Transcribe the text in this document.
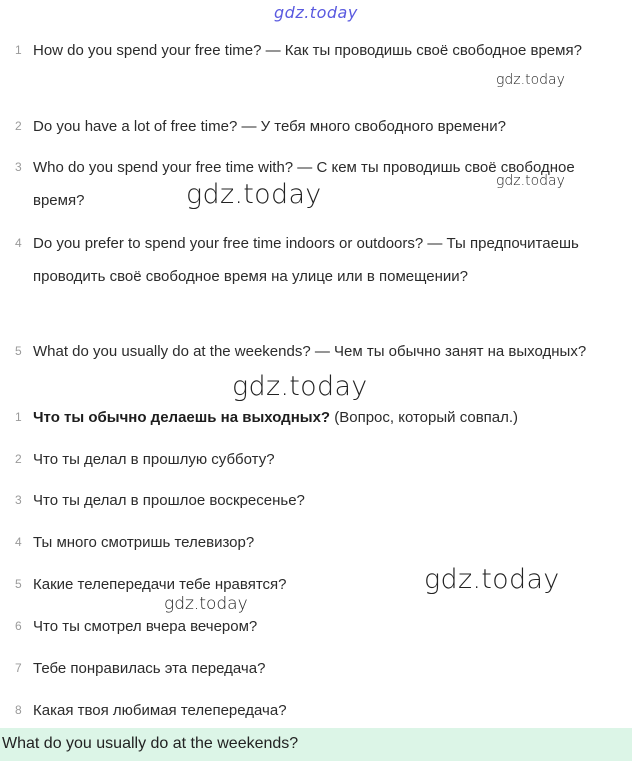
gdz.today
gdz.today
gdz.today
gdz.today
gdz.today
gdz.today
gdz.today
1 How do you spend your free time? — Как ты проводишь своё свободное время?
2 Do you have a lot of free time? — У тебя много свободного времени?
3 Who do you spend your free time with? — С кем ты проводишь своё свободное время?
4 Do you prefer to spend your free time indoors or outdoors? — Ты предпочитаешь проводить своё свободное время на улице или в помещении?
5 What do you usually do at the weekends? — Чем ты обычно занят на выходных?
1 Что ты обычно делаешь на выходных? (Вопрос, который совпал.)
2 Что ты делал в прошлую субботу?
3 Что ты делал в прошлое воскресенье?
4 Ты много смотришь телевизор?
5 Какие телепередачи тебе нравятся?
6 Что ты смотрел вчера вечером?
7 Тебе понравилась эта передача?
8 Какая твоя любимая телепередача?
What do you usually do at the weekends?
